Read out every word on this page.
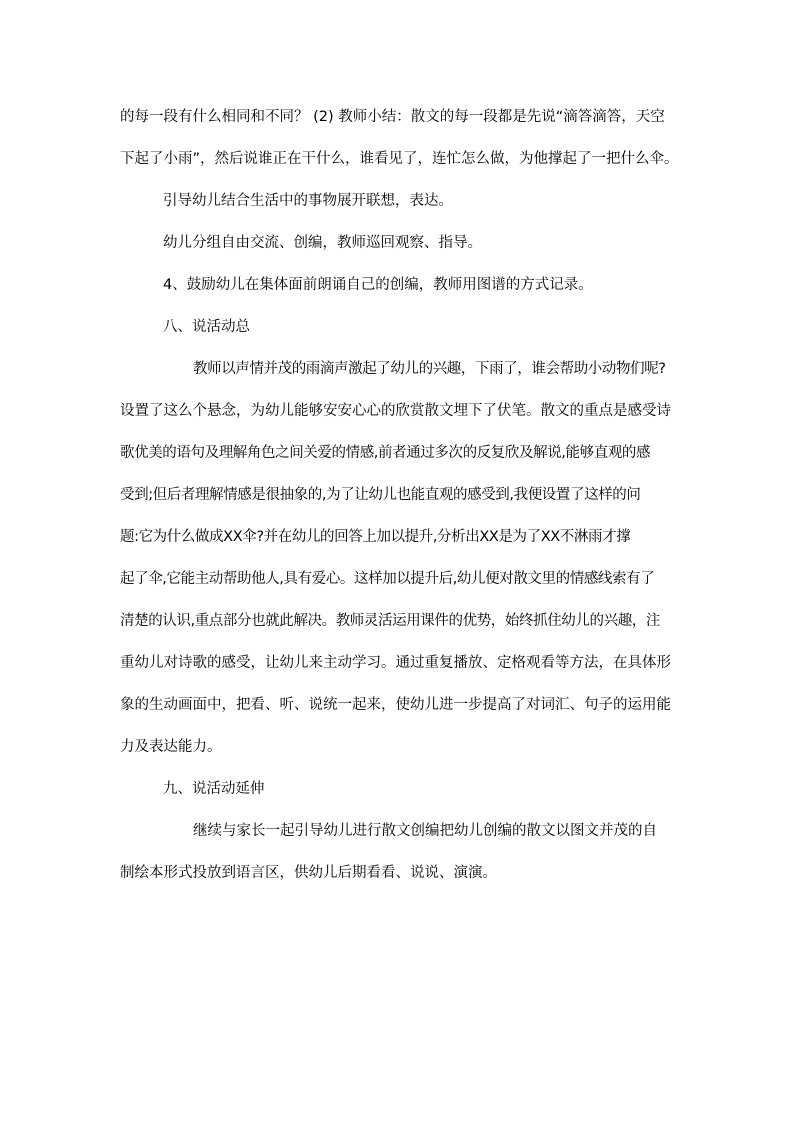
的每一段有什么相同和不同？ (2) 教师小结：散文的每一段都是先说“滴答滴答，天空
下起了小雨”，然后说谁正在干什么，谁看见了，连忙怎么做，为他撑起了一把什么伞。
引导幼儿结合生活中的事物展开联想，表达。
幼儿分组自由交流、创编，教师巡回观察、指导。
4、鼓励幼儿在集体面前朗诵自己的创编，教师用图谱的方式记录。
八、说活动总
教师以声情并茂的雨滴声激起了幼儿的兴趣，下雨了，谁会帮助小动物们呢?
设置了这么个悬念，为幼儿能够安安心心的欣赏散文埋下了伏笔。散文的重点是感受诗
歌优美的语句及理解角色之间关爱的情感,前者通过多次的反复欣及解说,能够直观的感
受到;但后者理解情感是很抽象的,为了让幼儿也能直观的感受到,我便设置了这样的问
题:它为什么做成XX伞?并在幼儿的回答上加以提升,分析出XX是为了XX不淋雨才撑
起了伞,它能主动帮助他人,具有爱心。这样加以提升后,幼儿便对散文里的情感线索有了
清楚的认识,重点部分也就此解决。教师灵活运用课件的优势，始终抓住幼儿的兴趣，注
重幼儿对诗歌的感受，让幼儿来主动学习。通过重复播放、定格观看等方法，在具体形
象的生动画面中，把看、听、说统一起来，使幼儿进一步提高了对词汇、句子的运用能
力及表达能力。
九、说活动延伸
继续与家长一起引导幼儿进行散文创编把幼儿创编的散文以图文并茂的自
制绘本形式投放到语言区，供幼儿后期看看、说说、演演。
